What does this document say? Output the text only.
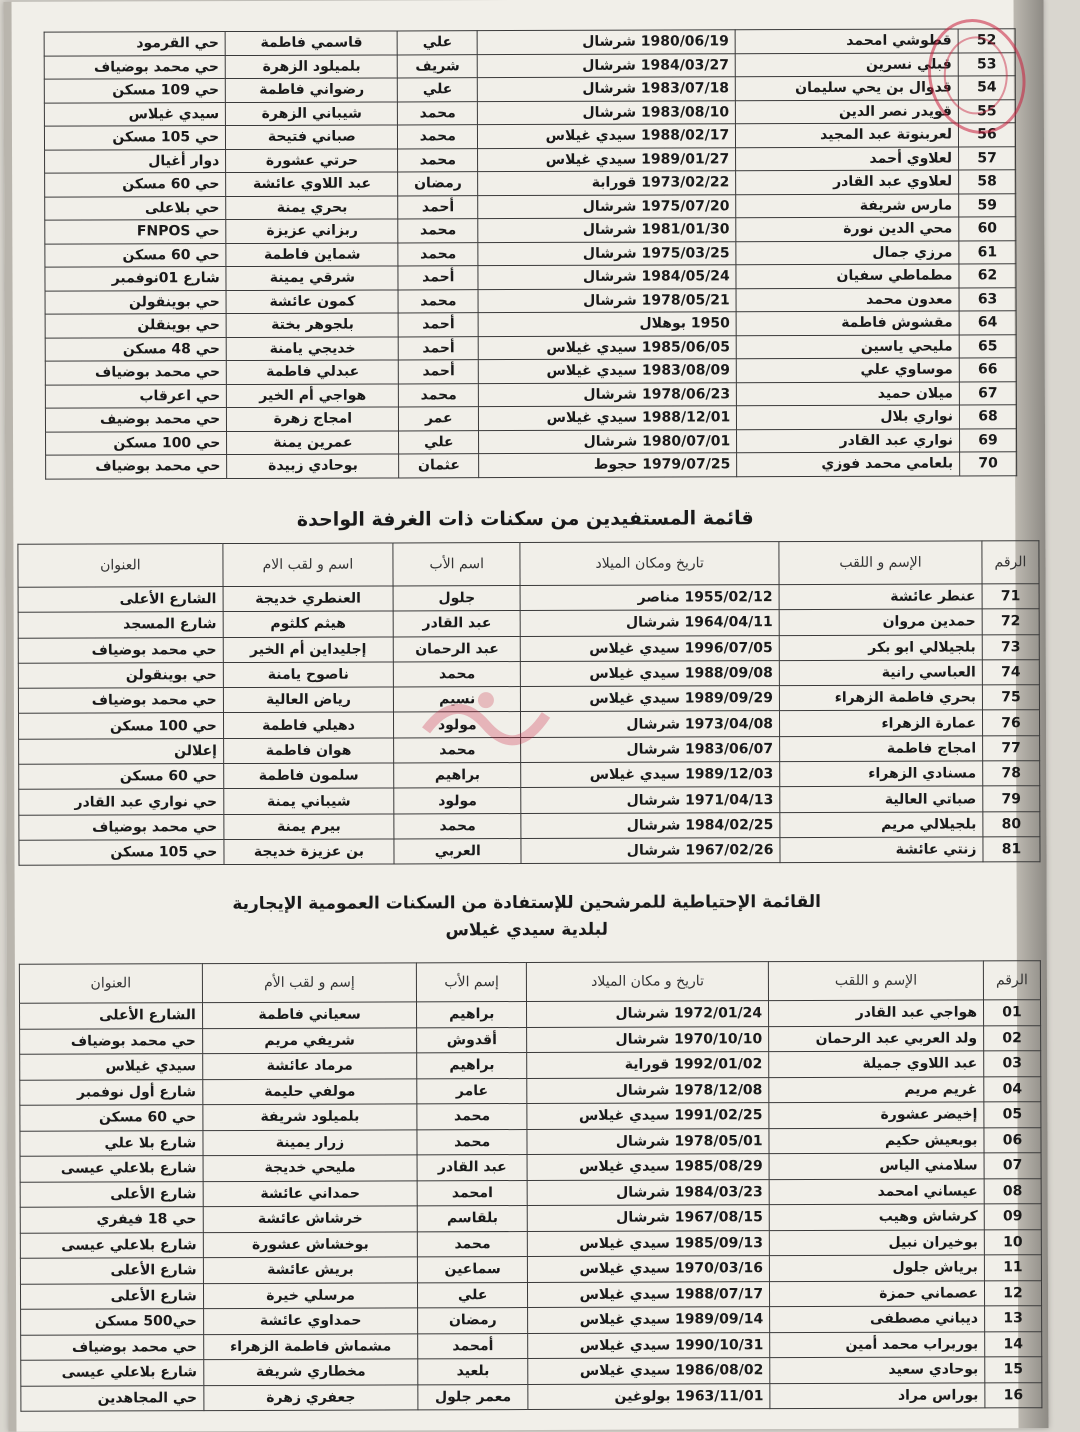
52	قطوشي امحمد	1980/06/19 شرشال	علي	قاسمي فاطمة	حي القرمود
53	قبلي نسرين	1984/03/27 شرشال	شريف	بلميلود الزهرة	حي محمد بوضياف
54	قدوال بن يحي سليمان	1983/07/18 شرشال	علي	رضواني فاطمة	حي 109 مسكن
55	قويدر نصر الدين	1983/08/10 شرشال	محمد	شيباني الزهرة	سيدي غيلاس
56	لعربنوتة عبد المجيد	1988/02/17 سيدي غيلاس	محمد	صباني فتيحة	حي 105 مسكن
57	لعلاوي أحمد	1989/01/27 سيدي غيلاس	محمد	حرتي عشورة	دوار أغيال
58	لعلاوي عبد القادر	1973/02/22 قورابة	رمضان	عبد اللاوي عائشة	حي 60 مسكن
59	مارس شريفة	1975/07/20 شرشال	أحمد	بحري يمنة	حي بلاعلى
60	محي الدين نورة	1981/01/30 شرشال	محمد	ربزاني عزيزة	حي FNPOS
61	مرزي جمال	1975/03/25 شرشال	محمد	شماين فاطمة	حي 60 مسكن
62	مطماطي سفيان	1984/05/24 شرشال	أحمد	شرقي يمينة	شارع 01نوفمبر
63	معدون محمد	1978/05/21 شرشال	محمد	كمون عائشة	حي بوينقولن
64	مقشوش فاطمة	1950 بوهلال	أحمد	بلجوهر بختة	حي بوينقلن
65	مليحي ياسين	1985/06/05 سيدي غيلاس	أحمد	خديجي يامنة	حي 48 مسكن
66	موساوي علي	1983/08/09 سيدي غيلاس	أحمد	عبدلي فاطمة	حي محمد بوضياف
67	ميلان حميد	1978/06/23 شرشال	محمد	هواجي أم الخير	حي اعرقاب
68	نواري بلال	1988/12/01 سيدي غيلاس	عمر	امجاج زهرة	حي محمد بوضيف
69	نواري عبد القادر	1980/07/01 شرشال	علي	عمرين يمنة	حي 100 مسكن
70	بلعامي محمد فوزي	1979/07/25 حجوط	عثمان	بوحادي زبيدة	حي محمد بوضياف
قائمة المستفيدين من سكنات ذات الغرفة الواحدة
الرقم	الإسم و اللقب	تاريخ ومكان الميلاد	اسم الأب	اسم و لقب الام	العنوان
71	عنطر عائشة	1955/02/12 مناصر	جلول	العنطري خديجة	الشارع الأعلى
72	حمدين مروان	1964/04/11 شرشال	عبد القادر	هيثم كلثوم	شارع المسجد
73	بلجيلالي ابو بكر	1996/07/05 سيدي غيلاس	عبد الرحمان	إجليداين أم الخير	حي محمد بوضياف
74	العباسي رانية	1988/09/08 سيدي غيلاس	محمد	ناصوح يامنة	حي بوينقولن
75	بحري فاطمة الزهراء	1989/09/29 سيدي غيلاس	نسيم	رياض العالية	حي محمد بوضياف
76	عمارة الزهراء	1973/04/08 شرشال	مولود	دهيلي فاطمة	حي 100 مسكن
77	امجاج فاطمة	1983/06/07 شرشال	محمد	هوان فاطمة	إعلالن
78	مسنادي الزهراء	1989/12/03 سيدي غيلاس	براهيم	سلمون فاطمة	حي 60 مسكن
79	صباتي العالية	1971/04/13 شرشال	مولود	شيباني يمنة	حي نواري عبد القادر
80	بلجيلالي مريم	1984/02/25 شرشال	محمد	بيرم يمنة	حي محمد بوضياف
81	زنتي عائشة	1967/02/26 شرشال	العربي	بن عزيزة خديجة	حي 105 مسكن
القائمة الإحتياطية للمرشحين للإستفادة من السكنات العمومية الإيجارية
لبلدية سيدي غيلاس
الرقم	الإسم و اللقب	تاريخ و مكان الميلاد	إسم الأب	إسم و لقب الأم	العنوان
01	هواجي عبد القادر	1972/01/24 شرشال	براهيم	سعياني فاطمة	الشارع الأعلى
02	ولد العربي عبد الرحمان	1970/10/10 شرشال	أقدوش	شريفي مريم	حي محمد بوضياف
03	عبد اللاوي جميلة	1992/01/02 قوراية	براهيم	مرماد عائشة	سيدي غيلاس
04	غريم مريم	1978/12/08 شرشال	عامر	مولفي حليمة	شارع أول نوفمبر
05	إخيضر عشورة	1991/02/25 سيدي غيلاس	محمد	بلميلود شريفة	حي 60 مسكن
06	بوبعيش حكيم	1978/05/01 شرشال	محمد	زرار يمينة	شارع بلا علي
07	سلامني الياس	1985/08/29 سيدي غيلاس	عبد القادر	مليحي خديجة	شارع بلاعلي عيسى
08	عيساني امحمد	1984/03/23 شرشال	امحمد	حمداني عائشة	شارع الأعلى
09	كرشاش وهيب	1967/08/15 شرشال	بلقاسم	خرشاش عائشة	حي 18 فيفري
10	بوخيران نبيل	1985/09/13 سيدي غيلاس	محمد	بوخشاش عشورة	شارع بلاعلي عيسى
11	برياش جلول	1970/03/16 سيدي غيلاس	سماعين	بريش عائشة	شارع الأعلى
12	عصماني حمزة	1988/07/17 سيدي غيلاس	علي	مرسلي خيرة	شارع الأعلى
13	ديباني مصطفى	1989/09/14 سيدي غيلاس	رمضان	حمداوي عائشة	حي500 مسكن
14	بوربراب محمد أمين	1990/10/31 سيدي غيلاس	أمحمد	مشماش فاطمة الزهراء	حي محمد بوضياف
15	بوحادي سعيد	1986/08/02 سيدي غيلاس	بلعيد	مخطاري شريفة	شارع بلاعلي عيسى
16	بوراس مراد	1963/11/01 بولوغين	معمر جلول	جعفري زهرة	حي المجاهدين
